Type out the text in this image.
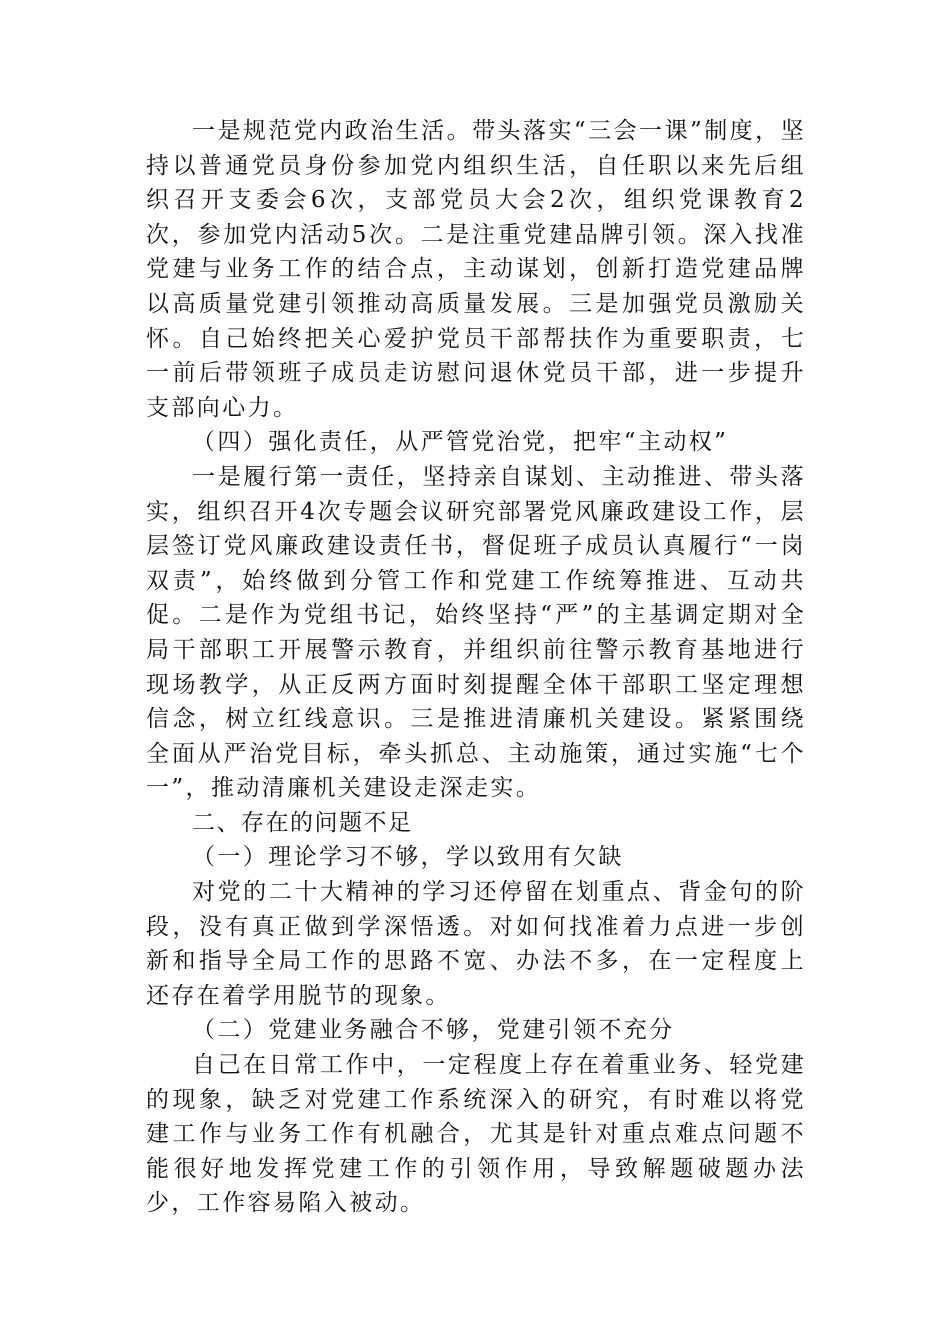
一是规范党内政治生活。带头落实“三会一课”制度，坚持以普通党员身份参加党内组织生活，自任职以来先后组织召开支委会6次，支部党员大会2次，组织党课教育2次，参加党内活动5次。二是注重党建品牌引领。深入找准党建与业务工作的结合点，主动谋划，创新打造党建品牌以高质量党建引领推动高质量发展。三是加强党员激励关怀。自己始终把关心爱护党员干部帮扶作为重要职责，七一前后带领班子成员走访慰问退休党员干部，进一步提升支部向心力。

（四）强化责任，从严管党治党，把牢“主动权”

一是履行第一责任，坚持亲自谋划、主动推进、带头落实，组织召开4次专题会议研究部署党风廉政建设工作，层层签订党风廉政建设责任书，督促班子成员认真履行“一岗双责”，始终做到分管工作和党建工作统筹推进、互动共促。二是作为党组书记，始终坚持“严”的主基调定期对全局干部职工开展警示教育，并组织前往警示教育基地进行现场教学，从正反两方面时刻提醒全体干部职工坚定理想信念，树立红线意识。三是推进清廉机关建设。紧紧围绕全面从严治党目标，牵头抓总、主动施策，通过实施“七个一”，推动清廉机关建设走深走实。

二、存在的问题不足

（一）理论学习不够，学以致用有欠缺

对党的二十大精神的学习还停留在划重点、背金句的阶段，没有真正做到学深悟透。对如何找准着力点进一步创新和指导全局工作的思路不宽、办法不多，在一定程度上还存在着学用脱节的现象。

（二）党建业务融合不够，党建引领不充分

自己在日常工作中，一定程度上存在着重业务、轻党建的现象，缺乏对党建工作系统深入的研究，有时难以将党建工作与业务工作有机融合，尤其是针对重点难点问题不能很好地发挥党建工作的引领作用，导致解题破题办法少，工作容易陷入被动。
